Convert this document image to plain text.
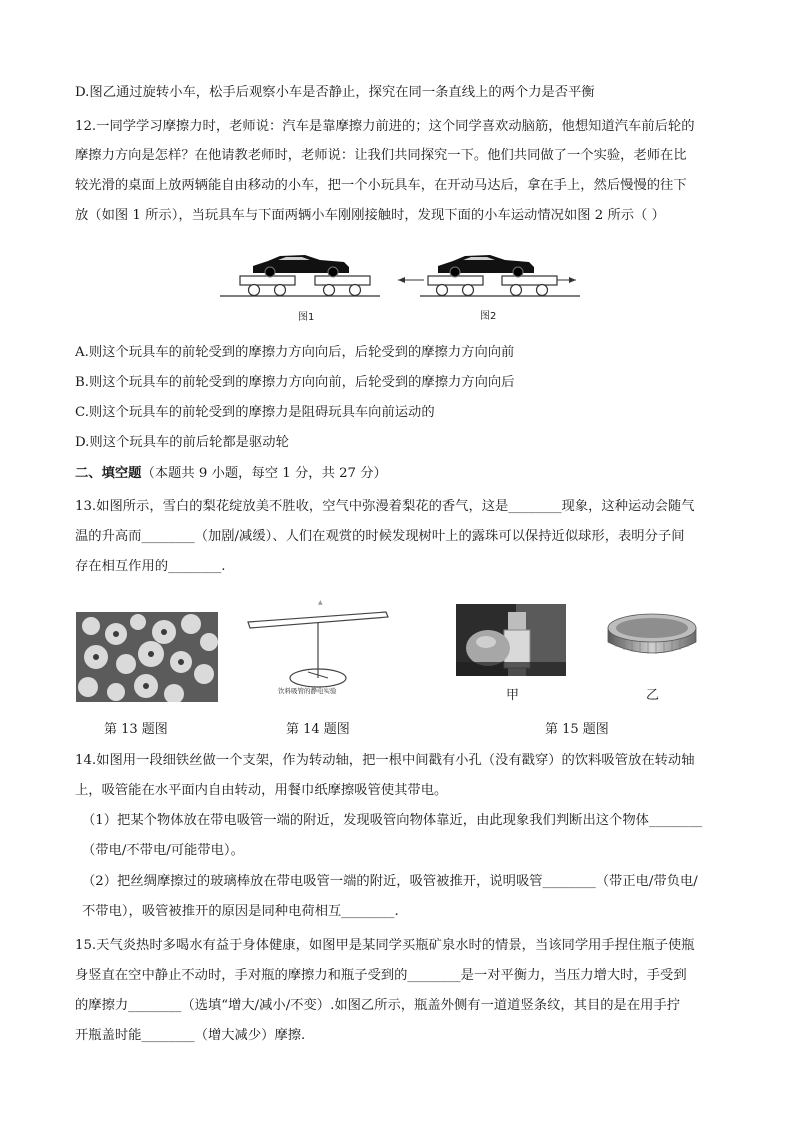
D.图乙通过旋转小车，松手后观察小车是否静止，探究在同一条直线上的两个力是否平衡
12.一同学学习摩擦力时，老师说：汽车是靠摩擦力前进的；这个同学喜欢动脑筋，他想知道汽车前后轮的
摩擦力方向是怎样？在他请教老师时，老师说：让我们共同探究一下。他们共同做了一个实验，老师在比
较光滑的桌面上放两辆能自由移动的小车，把一个小玩具车，在开动马达后，拿在手上，然后慢慢的往下
放（如图 1 所示），当玩具车与下面两辆小车刚刚接触时，发现下面的小车运动情况如图 2 所示（ ）
图1	图2
A.则这个玩具车的前轮受到的摩擦力方向向后，后轮受到的摩擦力方向向前
B.则这个玩具车的前轮受到的摩擦力方向向前，后轮受到的摩擦力方向向后
C.则这个玩具车的前轮受到的摩擦力是阻碍玩具车向前运动的
D.则这个玩具车的前后轮都是驱动轮
二、填空题（本题共 9 小题，每空 1 分，共 27 分）
13.如图所示，雪白的梨花绽放美不胜收，空气中弥漫着梨花的香气，这是________现象，这种运动会随气
温的升高而________（加剧/减缓）、人们在观赏的时候发现树叶上的露珠可以保持近似球形，表明分子间
存在相互作用的________.
▲
饮料吸管的静电实验	甲	乙
第 13 题图	第 14 题图	第 15 题图
14.如图用一段细铁丝做一个支架，作为转动轴，把一根中间戳有小孔（没有戳穿）的饮料吸管放在转动轴
上，吸管能在水平面内自由转动，用餐巾纸摩擦吸管使其带电。
（1）把某个物体放在带电吸管一端的附近，发现吸管向物体靠近，由此现象我们判断出这个物体________
（带电/不带电/可能带电）。
（2）把丝绸摩擦过的玻璃棒放在带电吸管一端的附近，吸管被推开，说明吸管________（带正电/带负电/
不带电），吸管被推开的原因是同种电荷相互________.
15.天气炎热时多喝水有益于身体健康，如图甲是某同学买瓶矿泉水时的情景，当该同学用手捏住瓶子使瓶
身竖直在空中静止不动时，手对瓶的摩擦力和瓶子受到的________是一对平衡力，当压力增大时，手受到
的摩擦力________（选填“增大/减小/不变）.如图乙所示，瓶盖外侧有一道道竖条纹，其目的是在用手拧
开瓶盖时能________（增大减少）摩擦.
